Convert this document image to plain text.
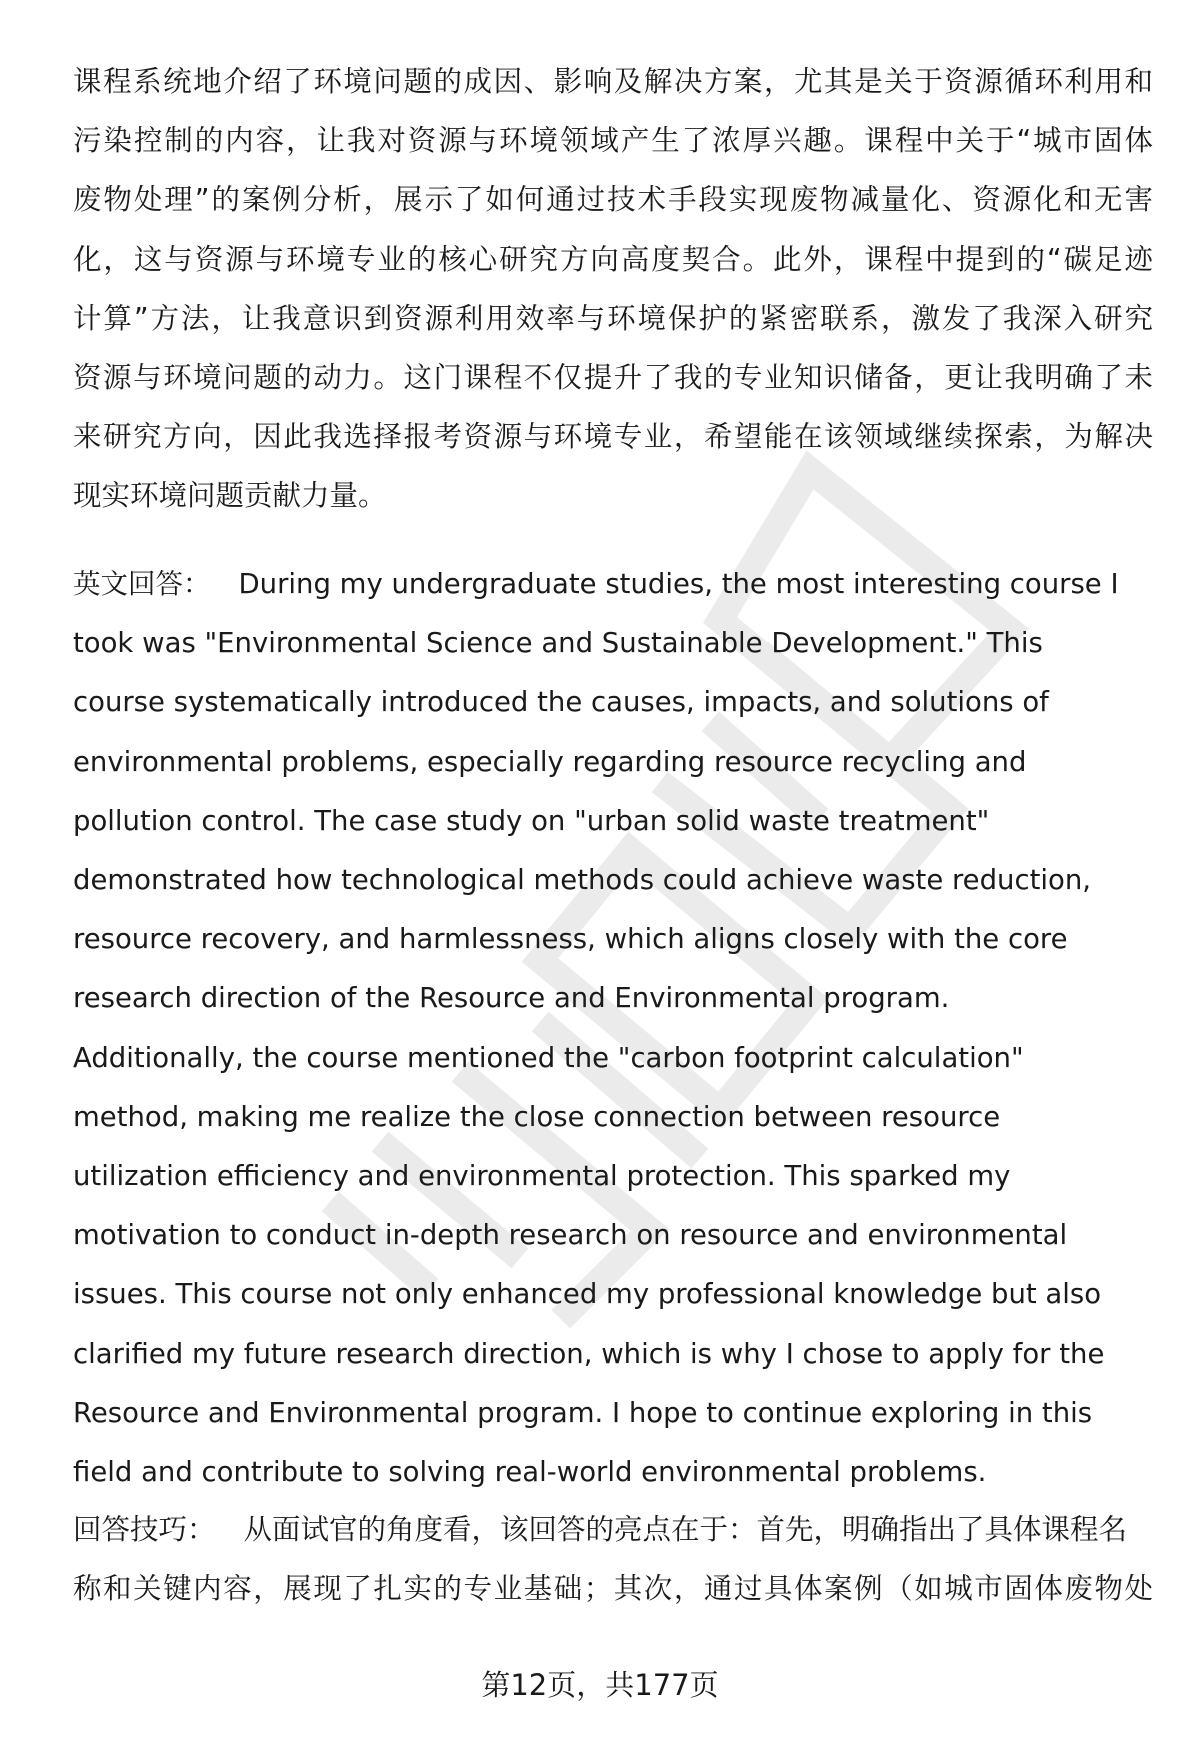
课程系统地介绍了环境问题的成因、影响及解决方案，尤其是关于资源循环利用和
污染控制的内容，让我对资源与环境领域产生了浓厚兴趣。课程中关于“城市固体
废物处理”的案例分析，展示了如何通过技术手段实现废物减量化、资源化和无害
化，这与资源与环境专业的核心研究方向高度契合。此外，课程中提到的“碳足迹
计算”方法，让我意识到资源利用效率与环境保护的紧密联系，激发了我深入研究
资源与环境问题的动力。这门课程不仅提升了我的专业知识储备，更让我明确了未
来研究方向，因此我选择报考资源与环境专业，希望能在该领域继续探索，为解决
现实环境问题贡献力量。

英文回答： During my undergraduate studies, the most interesting course I
took was "Environmental Science and Sustainable Development." This
course systematically introduced the causes, impacts, and solutions of
environmental problems, especially regarding resource recycling and
pollution control. The case study on "urban solid waste treatment"
demonstrated how technological methods could achieve waste reduction,
resource recovery, and harmlessness, which aligns closely with the core
research direction of the Resource and Environmental program.
Additionally, the course mentioned the "carbon footprint calculation"
method, making me realize the close connection between resource
utilization efficiency and environmental protection. This sparked my
motivation to conduct in-depth research on resource and environmental
issues. This course not only enhanced my professional knowledge but also
clarified my future research direction, which is why I chose to apply for the
Resource and Environmental program. I hope to continue exploring in this
field and contribute to solving real-world environmental problems.

回答技巧： 从面试官的角度看，该回答的亮点在于：首先，明确指出了具体课程名
称和关键内容，展现了扎实的专业基础；其次，通过具体案例（如城市固体废物处

第12页，共177页
